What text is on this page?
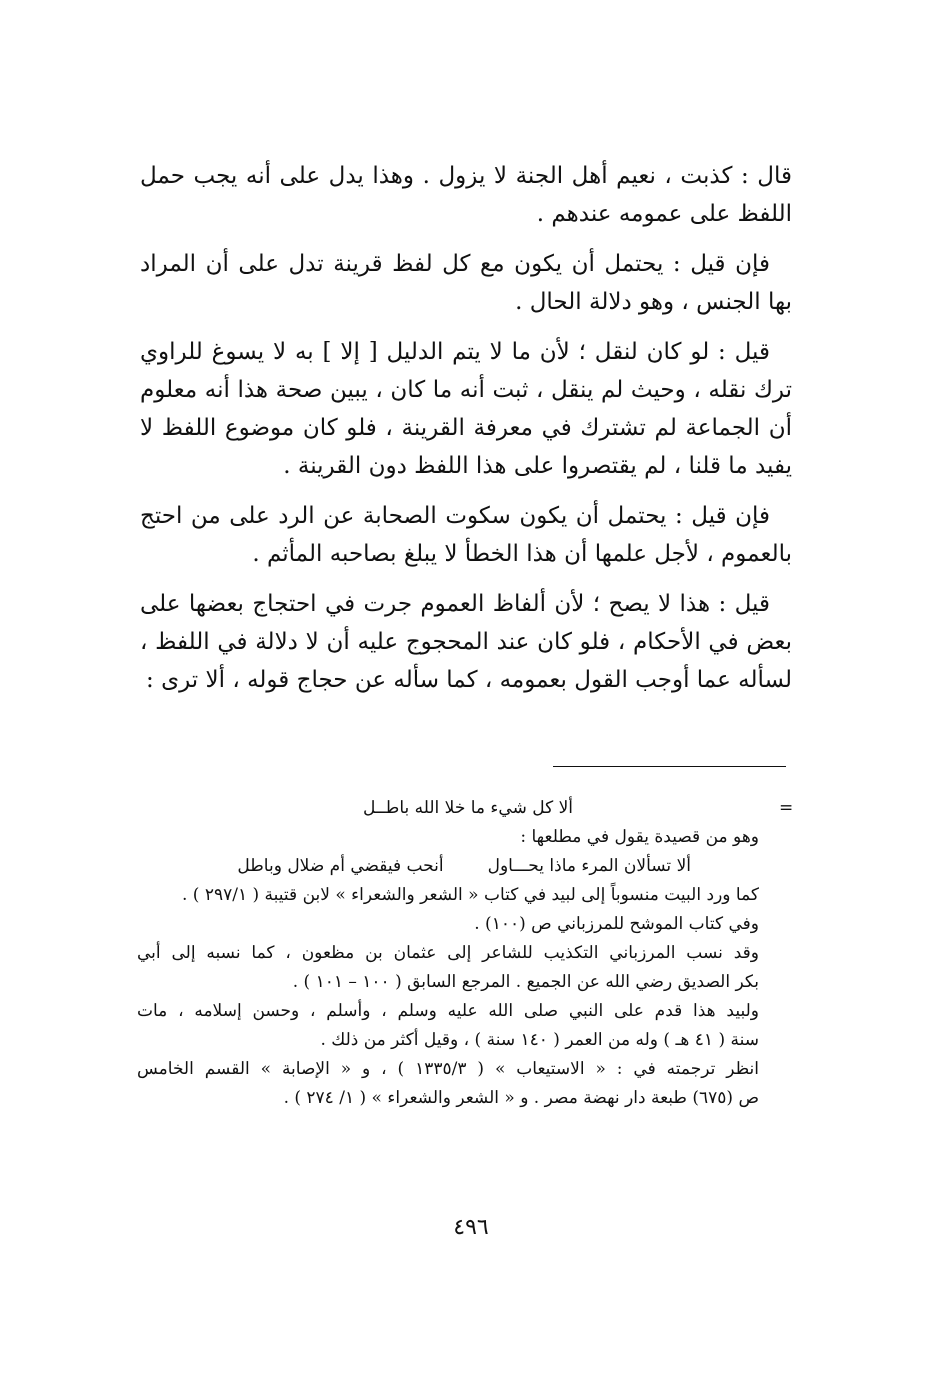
قال : كذبت ، نعيم أهل الجنة لا يزول . وهذا يدل على أنه يجب حمل اللفظ على عمومه عندهم .

فإن قيل : يحتمل أن يكون مع كل لفظ قرينة تدل على أن المراد بها الجنس ، وهو دلالة الحال .

قيل : لو كان لنقل ؛ لأن ما لا يتم الدليل [ إلا ] به لا يسوغ للراوي ترك نقله ، وحيث لم ينقل ، ثبت أنه ما كان ، يبين صحة هذا أنه معلوم أن الجماعة لم تشترك في معرفة القرينة ، فلو كان موضوع اللفظ لا يفيد ما قلنا ، لم يقتصروا على هذا اللفظ دون القرينة .

فإن قيل : يحتمل أن يكون سكوت الصحابة عن الرد على من احتج بالعموم ، لأجل علمها أن هذا الخطأ لا يبلغ بصاحبه المأثم .

قيل : هذا لا يصح ؛ لأن ألفاظ العموم جرت في احتجاج بعضها على بعض في الأحكام ، فلو كان عند المحجوج عليه أن لا دلالة في اللفظ ، لسأله عما أوجب القول بعمومه ، كما سأله عن حجاج قوله ، ألا ترى :

=
ألا كل شيء ما خلا الله باطــل
وهو من قصيدة يقول في مطلعها :
ألا تسألان المرء ماذا يحـــاول
أنحب فيقضي أم ضلال وباطل
كما ورد البيت منسوباً إلى لبيد في كتاب « الشعر والشعراء » لابن قتيبة ( ٢٩٧/١ ) .
وفي كتاب الموشح للمرزباني ص (١٠٠) .
وقد نسب المرزباني التكذيب للشاعر إلى عثمان بن مظعون ، كما نسبه إلى أبي
بكر الصديق رضي الله عن الجميع . المرجع السابق ( ١٠٠ – ١٠١ ) .
ولبيد هذا قدم على النبي صلى الله عليه وسلم ، وأسلم ، وحسن إسلامه ، مات
سنة ( ٤١ هـ ) وله من العمر ( ١٤٠ سنة ) ، وقيل أكثر من ذلك .
انظر ترجمته في : « الاستيعاب » ( ١٣٣٥/٣ ) ، و « الإصابة » القسم الخامس
ص (٦٧٥) طبعة دار نهضة مصر . و « الشعر والشعراء » ( ١/ ٢٧٤ ) .
٤٩٦
